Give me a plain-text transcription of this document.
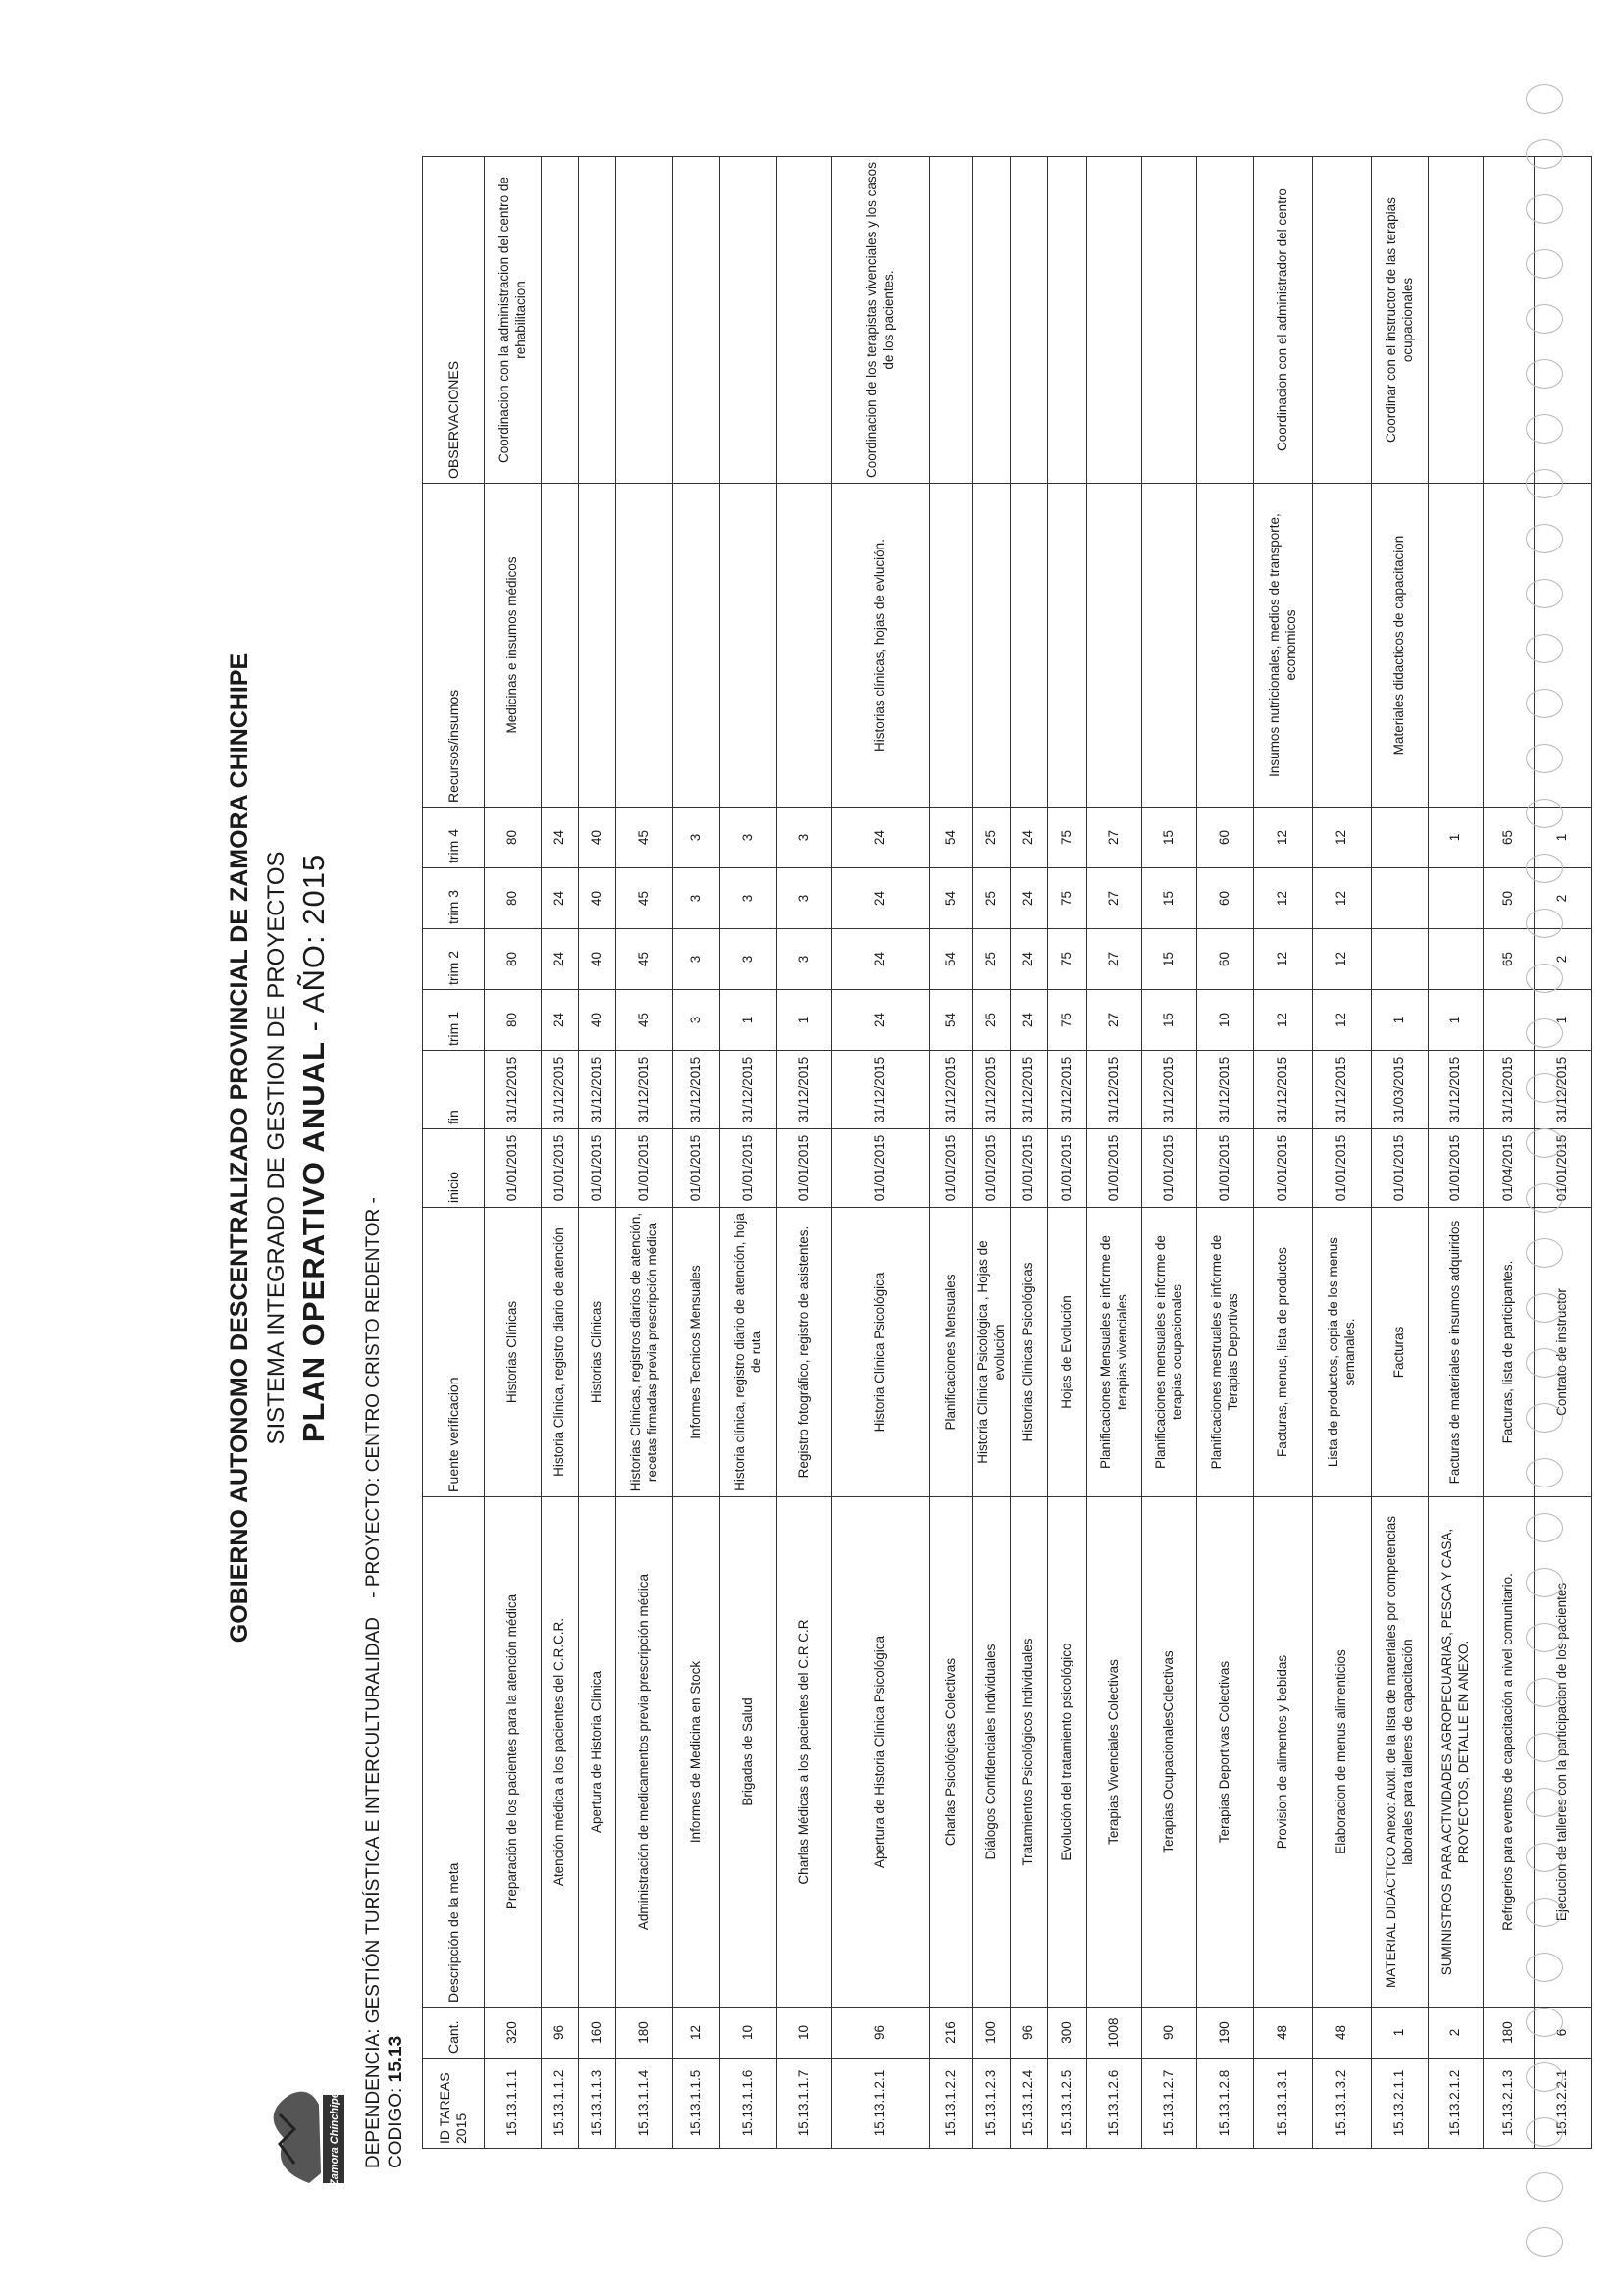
Zamora Chinchipe
GOBIERNO AUTONOMO DESCENTRALIZADO PROVINCIAL DE ZAMORA CHINCHIPE SISTEMA INTEGRADO DE GESTION DE PROYECTOS PLAN OPERATIVO ANUAL - AÑO: 2015
DEPENDENCIA: GESTIÓN TURÍSTICA E INTERCULTURALIDAD - PROYECTO: CENTRO CRISTO REDENTOR -
CODIGO: 15.13
ID TAREAS 2015	Cant.	Descripción de la meta	Fuente verificacion	inicio	fin	trim 1	trim 2	trim 3	trim 4	Recursos/insumos	OBSERVACIONES
15.13.1.1.1	320	Preparación de los pacientes para la atención médica	Historias Clínicas	01/01/2015	31/12/2015	80	80	80	80	Medicinas e insumos médicos	Coordinacion con la administracion del centro de rehabilitacion
15.13.1.1.2	96	Atención médica a los pacientes del C.R.C.R.	Historia Clínica, registro diario de atención	01/01/2015	31/12/2015	24	24	24	24		
15.13.1.1.3	160	Apertura de Historia Clínica	Historias Clínicas	01/01/2015	31/12/2015	40	40	40	40		
15.13.1.1.4	180	Administración de medicamentos previa prescripción médica	Historias Clínicas, registros diarios de atención, recetas firmadas previa prescripción médica	01/01/2015	31/12/2015	45	45	45	45		
15.13.1.1.5	12	Informes de Medicina en Stock	Informes Tecnicos Mensuales	01/01/2015	31/12/2015	3	3	3	3		
15.13.1.1.6	10	Brigadas de Salud	Historia clínica, registro diario de atención, hoja de ruta	01/01/2015	31/12/2015	1	3	3	3		
15.13.1.1.7	10	Charlas Médicas a los pacientes del C.R.C.R	Registro fotográfico, registro de asistentes.	01/01/2015	31/12/2015	1	3	3	3		
15.13.1.2.1	96	Apertura de Historia Clínica Psicológica	Historia Clínica Psicológica	01/01/2015	31/12/2015	24	24	24	24	Historias clínicas, hojas de evlución.	Coordinacion de los terapistas vivenciales y los casos de los pacientes.
15.13.1.2.2	216	Charlas Psicológicas Colectivas	Planificaciones Mensuales	01/01/2015	31/12/2015	54	54	54	54		
15.13.1.2.3	100	Diálogos Confidenciales Individuales	Historia Clínica Psicológica , Hojas de evolución	01/01/2015	31/12/2015	25	25	25	25		
15.13.1.2.4	96	Tratamientos Psicológicos Individuales	Historias Clínicas Psicológicas	01/01/2015	31/12/2015	24	24	24	24		
15.13.1.2.5	300	Evolución del tratamiento psicológico	Hojas de Evolución	01/01/2015	31/12/2015	75	75	75	75		
15.13.1.2.6	1008	Terapias Vivenciales Colectivas	Planificaciones Mensuales e informe de terapias vivenciales	01/01/2015	31/12/2015	27	27	27	27		
15.13.1.2.7	90	Terapias OcupacionalesColectivas	Planificaciones mensuales e informe de terapias ocupacionales	01/01/2015	31/12/2015	15	15	15	15		
15.13.1.2.8	190	Terapias Deportivas Colectivas	Planificaciones mestruales e informe de Terapias Deportivas	01/01/2015	31/12/2015	10	60	60	60		
15.13.1.3.1	48	Provision de alimentos y bebidas	Facturas, menus, lista de productos	01/01/2015	31/12/2015	12	12	12	12	Insumos nutricionales, medios de transporte, economicos	Coordinacion con el administrador del centro
15.13.1.3.2	48	Elaboracion de menus alimenticios	Lista de productos, copia de los menus semanales.	01/01/2015	31/12/2015	12	12	12	12		
15.13.2.1.1	1	MATERIAL DIDÁCTICO Anexo: Auxil. de la lista de materiales por competencias laborales para talleres de capacitación	Facturas	01/01/2015	31/03/2015	1				Materiales didacticos de capacitacion	Coordinar con el instructor de las terapias ocupacionales
15.13.2.1.2	2	SUMINISTROS PARA ACTIVIDADES AGROPECUARIAS, PESCA Y CASA, PROYECTOS, DETALLE EN ANEXO.	Facturas de materiales e insumos adquiridos	01/01/2015	31/12/2015	1			1		
15.13.2.1.3	180	Refrigerios para eventos de capacitación a nivel comunitario.	Facturas, lista de participantes.	01/04/2015	31/12/2015		65	50	65		
15.13.2.2.1	6	Ejecucion de talleres con la participacion de los pacientes	Contrato de instructor	01/01/2015	31/12/2015	1	2	2	1		
